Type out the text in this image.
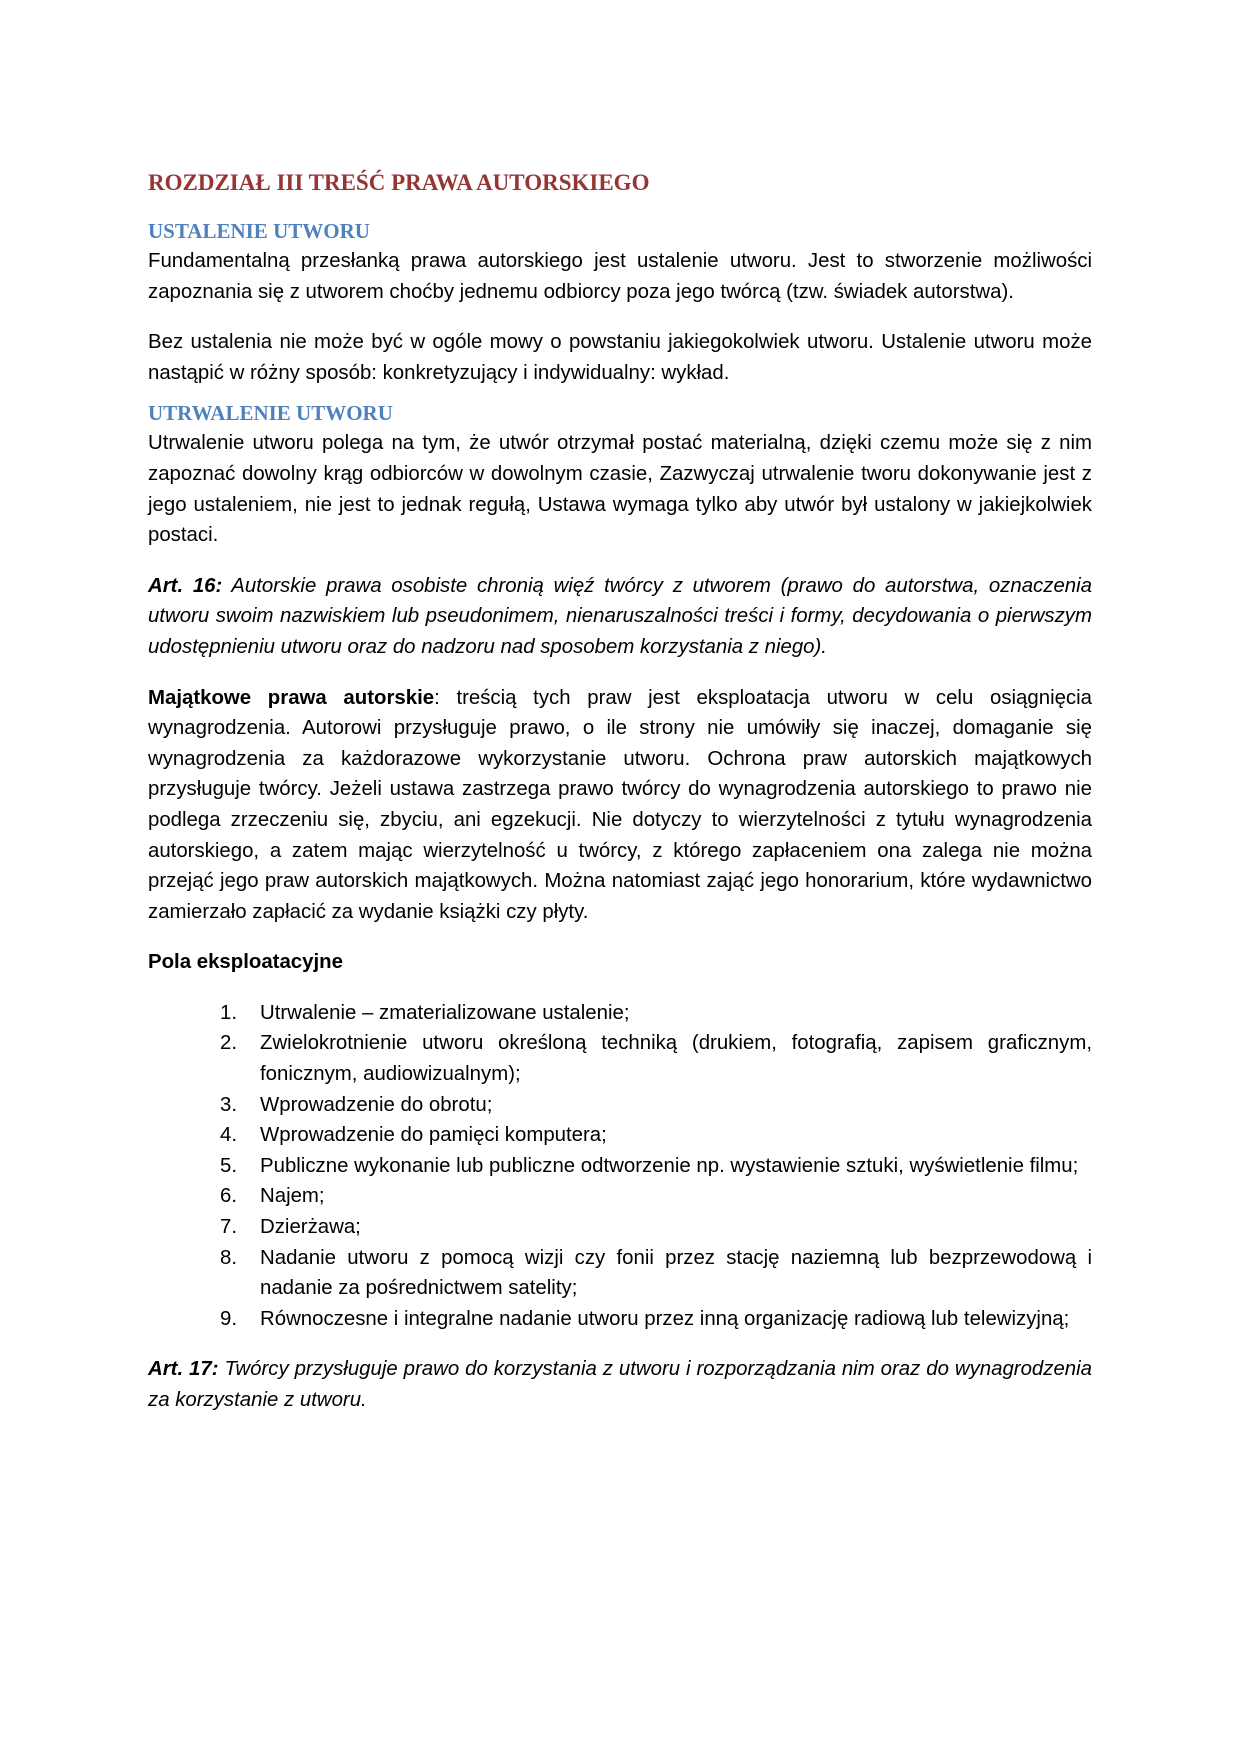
ROZDZIAŁ III TREŚĆ PRAWA AUTORSKIEGO
USTALENIE UTWORU

Fundamentalną przesłanką prawa autorskiego jest ustalenie utworu. Jest to stworzenie możliwości zapoznania się z utworem choćby jednemu odbiorcy poza jego twórcą (tzw. świadek autorstwa).

Bez ustalenia nie może być w ogóle mowy o powstaniu jakiegokolwiek utworu. Ustalenie utworu może nastąpić w różny sposób: konkretyzujący i indywidualny: wykład.

UTRWALENIE UTWORU

Utrwalenie utworu polega na tym, że utwór otrzymał postać materialną, dzięki czemu może się z nim zapoznać dowolny krąg odbiorców w dowolnym czasie, Zazwyczaj utrwalenie tworu dokonywanie jest z jego ustaleniem, nie jest to jednak regułą, Ustawa wymaga tylko aby utwór był ustalony w jakiejkolwiek postaci.

Art. 16: Autorskie prawa osobiste chronią więź twórcy z utworem (prawo do autorstwa, oznaczenia utworu swoim nazwiskiem lub pseudonimem, nienaruszalności treści i formy, decydowania o pierwszym udostępnieniu utworu oraz do nadzoru nad sposobem korzystania z niego).

Majątkowe prawa autorskie: treścią tych praw jest eksploatacja utworu w celu osiągnięcia wynagrodzenia. Autorowi przysługuje prawo, o ile strony nie umówiły się inaczej, domaganie się wynagrodzenia za każdorazowe wykorzystanie utworu. Ochrona praw autorskich majątkowych przysługuje twórcy. Jeżeli ustawa zastrzega prawo twórcy do wynagrodzenia autorskiego to prawo nie podlega zrzeczeniu się, zbyciu, ani egzekucji. Nie dotyczy to wierzytelności z tytułu wynagrodzenia autorskiego, a zatem mając wierzytelność u twórcy, z którego zapłaceniem ona zalega nie można przejąć jego praw autorskich majątkowych. Można natomiast zająć jego honorarium, które wydawnictwo zamierzało zapłacić za wydanie książki czy płyty.

Pola eksploatacyjne

1. Utrwalenie – zmaterializowane ustalenie;
2. Zwielokrotnienie utworu określoną techniką (drukiem, fotografią, zapisem graficznym, fonicznym, audiowizualnym);
3. Wprowadzenie do obrotu;
4. Wprowadzenie do pamięci komputera;
5. Publiczne wykonanie lub publiczne odtworzenie np. wystawienie sztuki, wyświetlenie filmu;
6. Najem;
7. Dzierżawa;
8. Nadanie utworu z pomocą wizji czy fonii przez stację naziemną lub bezprzewodową i nadanie za pośrednictwem satelity;
9. Równoczesne i integralne nadanie utworu przez inną organizację radiową lub telewizyjną;

Art. 17: Twórcy przysługuje prawo do korzystania z utworu i rozporządzania nim oraz do wynagrodzenia za korzystanie z utworu.
